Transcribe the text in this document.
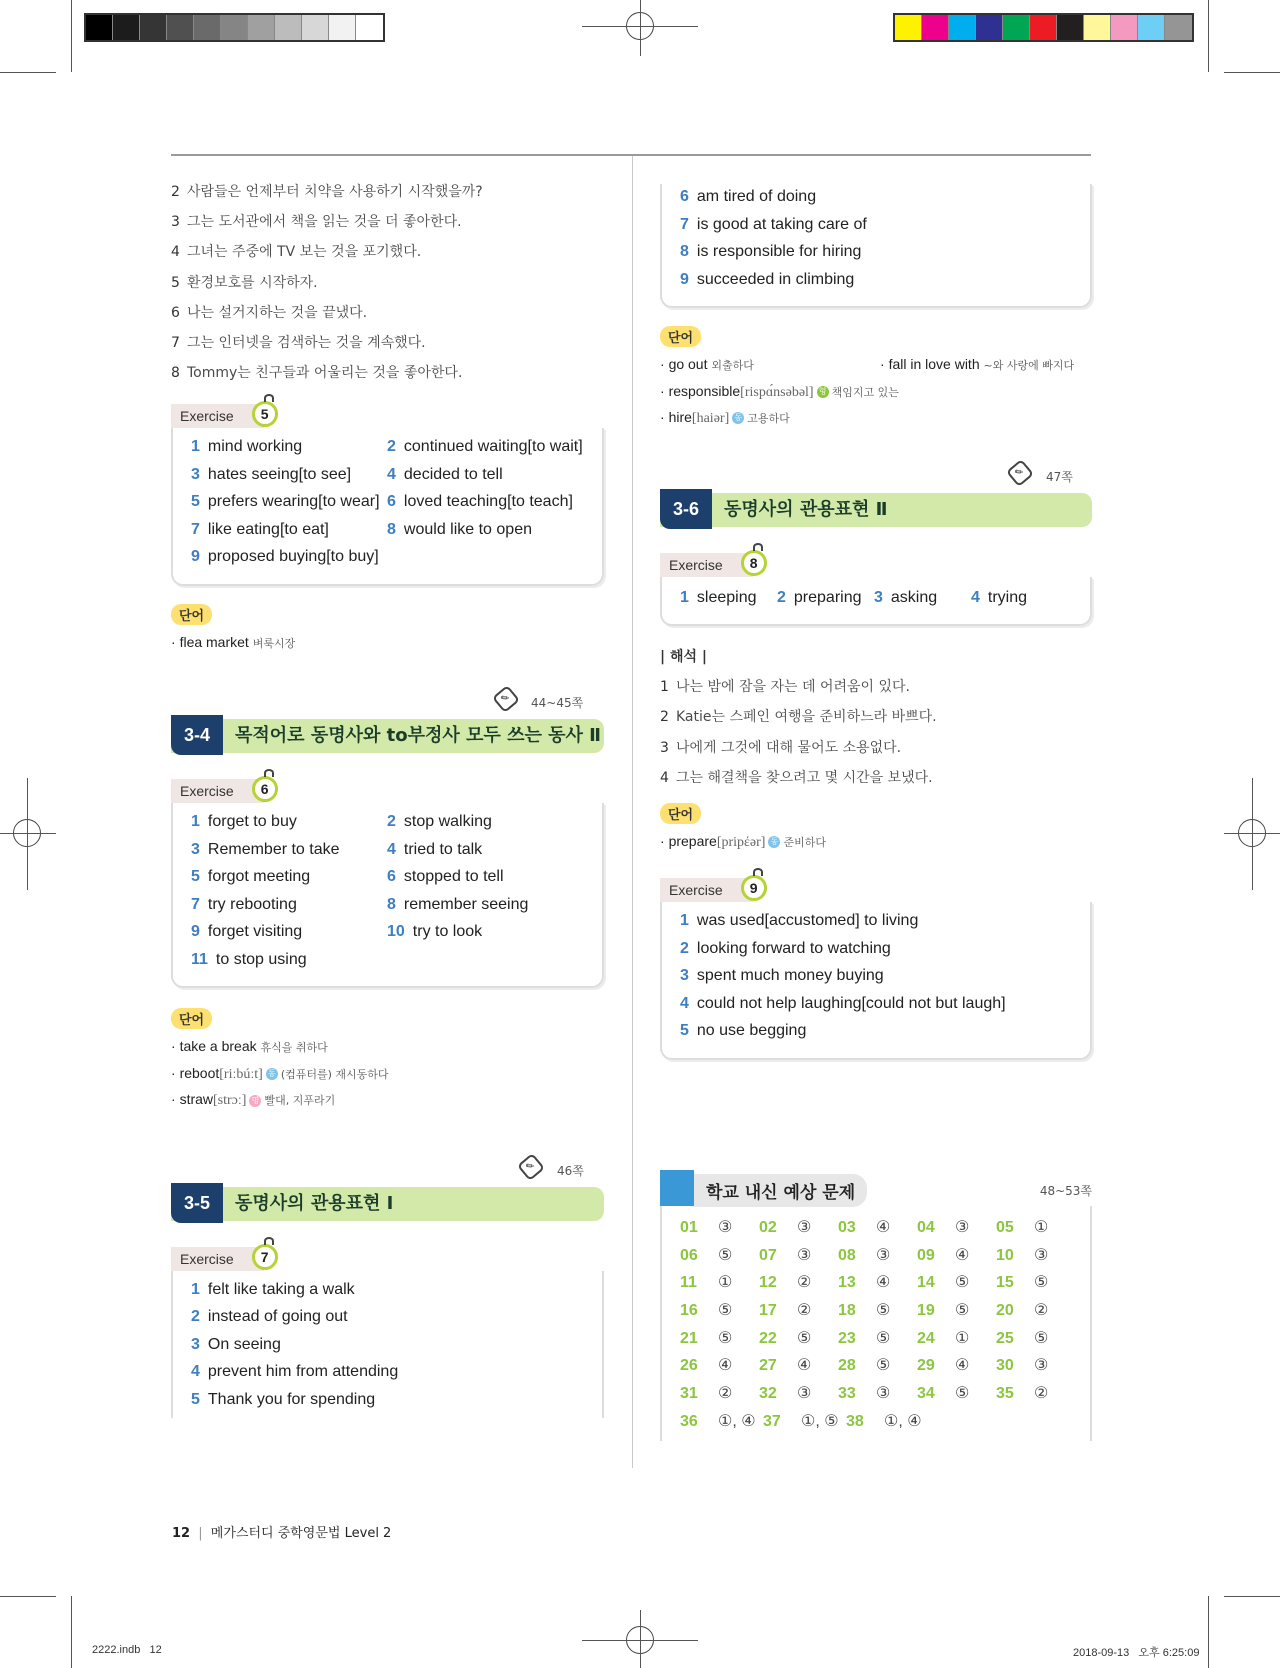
2 사람들은 언제부터 치약을 사용하기 시작했을까?
3 그는 도서관에서 책을 읽는 것을 더 좋아한다.
4 그녀는 주중에 TV 보는 것을 포기했다.
5 환경보호를 시작하자.
6 나는 설거지하는 것을 끝냈다.
7 그는 인터넷을 검색하는 것을 계속했다.
8 Tommy는 친구들과 어울리는 것을 좋아한다.
Exercise	5
1 mind working	2 continued waiting[to wait]
3 hates seeing[to see]	4 decided to tell
5 prefers wearing[to wear] 6 loved teaching[to teach]
7 like eating[to eat]	8 would like to open
9 proposed buying[to buy]
단어
· flea market 벼룩시장
✎	44~45쪽
3-4	목적어로 동명사와 to부정사 모두 쓰는 동사 Ⅱ
Exercise	6
1 forget to buy	2 stop walking
3 Remember to take	4 tried to talk
5 forgot meeting	6 stopped to tell
7 try rebooting	8 remember seeing
9 forget visiting	10 try to look
11 to stop using
단어
· take a break 휴식을 취하다
· reboot[riːbúːt] 동 (컴퓨터를) 재시동하다
· straw[strɔː] 명 빨대, 지푸라기
✎	46쪽
3-5	동명사의 관용표현 Ⅰ
Exercise	7
1 felt like taking a walk
2 instead of going out
3 On seeing
4 prevent him from attending
5 Thank you for spending
6 am tired of doing
7 is good at taking care of
8 is responsible for hiring
9 succeeded in climbing
단어
· go out 외출하다	· fall in love with ~와 사랑에 빠지다
· responsible[rispɑ́nsəbəl] 형 책임지고 있는
· hire[haiər] 동 고용하다
✎	47쪽
3-6	동명사의 관용표현 Ⅱ
Exercise	8
1 sleeping	2 preparing 3 asking	4 trying
| 해석 |
1 나는 밤에 잠을 자는 데 어려움이 있다.
2 Katie는 스페인 여행을 준비하느라 바쁘다.
3 나에게 그것에 대해 물어도 소용없다.
4 그는 해결책을 찾으려고 몇 시간을 보냈다.
단어
· prepare[pripέər] 동 준비하다
Exercise	9
1 was used[accustomed] to living
2 looking forward to watching
3 spent much money buying
4 could not help laughing[could not but laugh]
5 no use begging
학교 내신 예상 문제	48~53쪽
01 ③	02 ③	03 ④	04 ③	05 ①
06 ⑤	07 ③	08 ③	09 ④	10 ③
11 ①	12 ②	13 ④	14 ⑤	15 ⑤
16 ⑤	17 ②	18 ⑤	19 ⑤	20 ②
21 ⑤	22 ⑤	23 ⑤	24 ①	25 ⑤
26 ④	27 ④	28 ⑤	29 ④	30 ③
31 ②	32 ③	33 ③	34 ⑤	35 ②
36 ①, ④ 37 ①, ⑤ 38 ①, ④
12 | 메가스터디 중학영문법 Level 2
2222.indb   12	2018-09-13   오후 6:25:09
